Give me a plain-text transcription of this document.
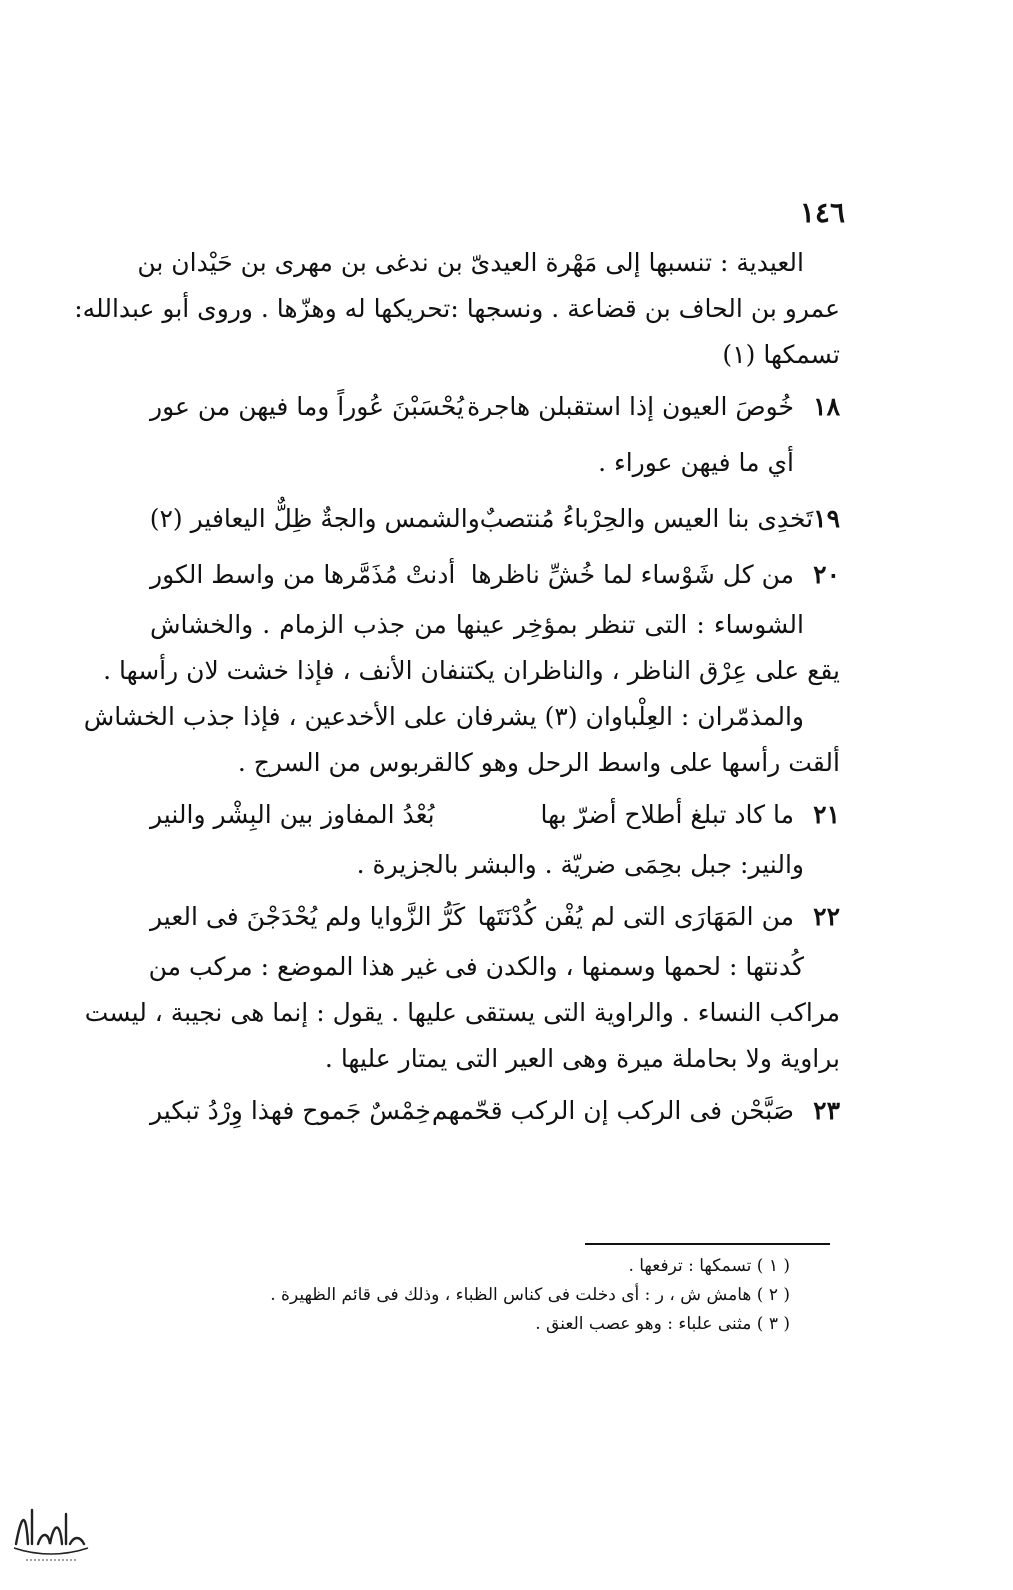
١٤٦
العيدية : تنسبها إلى مَهْرة العيدىّ بن ندغى بن مهرى بن حَيْدان بن
عمرو بن الحاف بن قضاعة . ونسجها :تحريكها له وهزّها . وروى أبو عبدالله:
تسمكها (١)
١٨
خُوصَ العيون إذا استقبلن هاجرة
يُحْسَبْنَ عُوراً وما فيهن من عور
أي ما فيهن عوراء .
١٩
تَخدِى بنا العيس والحِرْباءُ مُنتصبٌ
والشمس والجةٌ ظِلٌّ اليعافير (٢)
٢٠
من كل شَوْساء لما خُشِّ ناظرها
أدنتْ مُذَمَّرها من واسط الكور
الشوساء : التى تنظر بمؤخِر عينها من جذب الزمام . والخشاش
يقع على عِرْق الناظر ، والناظران يكتنفان الأنف ، فإذا خشت لان رأسها .
والمذمّران : العِلْباوان (٣) يشرفان على الأخدعين ، فإذا جذب الخشاش
ألقت رأسها على واسط الرحل وهو كالقربوس من السرج .
٢١
ما كاد تبلغ أطلاح أضرّ بها
بُعْدُ المفاوز بين البِشْر والنير
والنير: جبل بحِمَى ضريّة . والبشر بالجزيرة .
٢٢
من المَهَارَى التى لم يُفْن كُدْنَتَها
كَرُّ الزَّوايا ولم يُحْدَجْنَ فى العير
كُدنتها : لحمها وسمنها ، والكدن فى غير هذا الموضع : مركب من
مراكب النساء . والراوية التى يستقى عليها . يقول : إنما هى نجيبة ، ليست
براوية ولا بحاملة ميرة وهى العير التى يمتار عليها .
٢٣
صَبَّحْن فى الركب إن الركب قحّمهم
خِمْسٌ جَموح فهذا وِرْدُ تبكير
( ١ ) تسمكها : ترفعها .
( ٢ ) هامش ش ، ر : أى دخلت فى كناس الظباء ، وذلك فى قائم الظهيرة .
( ٣ ) مثنى علباء : وهو عصب العنق .
